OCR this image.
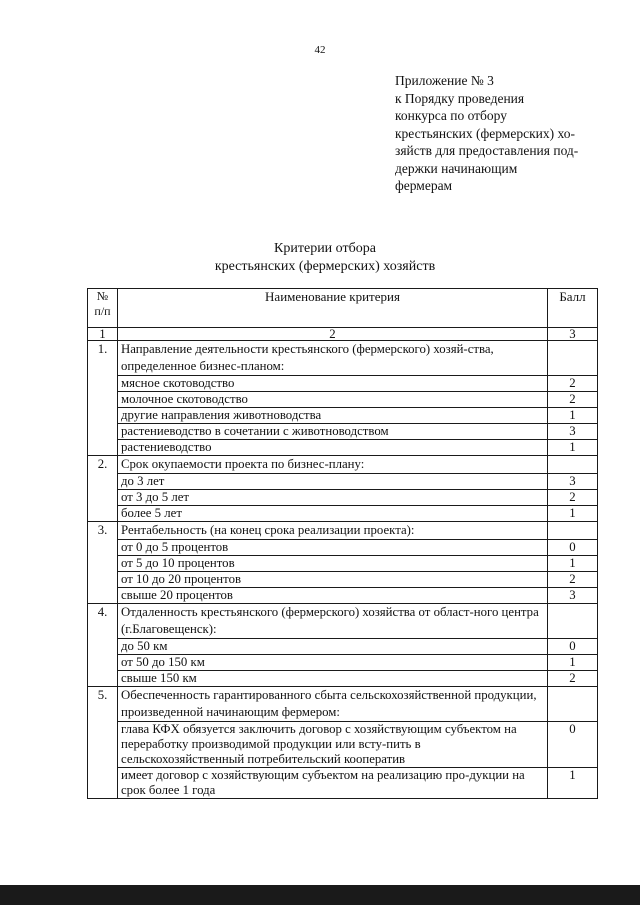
42
Приложение № 3
к Порядку проведения
конкурса по отбору
крестьянских (фермерских) хо-
зяйств для предоставления под-
держки начинающим
фермерам
Критерии отбора
крестьянских (фермерских) хозяйств
№ п/п	Наименование критерия	Балл
1	2	3
1.	Направление деятельности крестьянского (фермерского) хозяй-ства, определенное бизнес-планом:	
	мясное скотоводство	2
	молочное скотоводство	2
	другие направления животноводства	1
	растениеводство в сочетании с животноводством	3
	растениеводство	1
2.	Срок окупаемости проекта по бизнес-плану:	
	до 3 лет	3
	от 3 до 5 лет	2
	более 5 лет	1
3.	Рентабельность (на конец срока реализации проекта):	
	от 0 до 5 процентов	0
	от 5 до 10 процентов	1
	от 10 до 20 процентов	2
	свыше 20 процентов	3
4.	Отдаленность крестьянского (фермерского) хозяйства от област-ного центра (г.Благовещенск):	
	до 50 км	0
	от 50 до 150 км	1
	свыше 150 км	2
5.	Обеспеченность гарантированного сбыта сельскохозяйственной продукции, произведенной начинающим фермером:	
	глава КФХ обязуется заключить договор с хозяйствующим субъектом на переработку производимой продукции или всту-пить в сельскохозяйственный потребительский кооператив	0
	имеет договор с хозяйствующим субъектом на реализацию про-дукции на срок более 1 года	1
